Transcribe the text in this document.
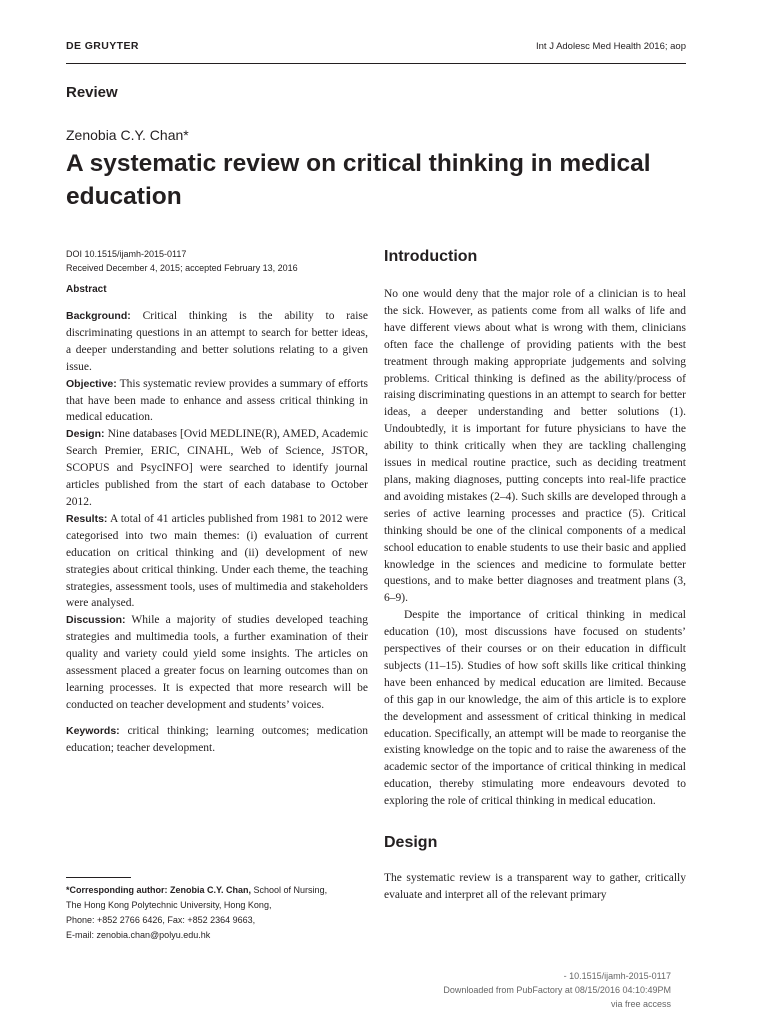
DE GRUYTER	Int J Adolesc Med Health 2016; aop
Review
Zenobia C.Y. Chan*
A systematic review on critical thinking in medical education
DOI 10.1515/ijamh-2015-0117
Received December 4, 2015; accepted February 13, 2016
Abstract

Background: Critical thinking is the ability to raise discriminating questions in an attempt to search for better ideas, a deeper understanding and better solutions relating to a given issue.

Objective: This systematic review provides a summary of efforts that have been made to enhance and assess critical thinking in medical education.

Design: Nine databases [Ovid MEDLINE(R), AMED, Academic Search Premier, ERIC, CINAHL, Web of Science, JSTOR, SCOPUS and PsycINFO] were searched to identify journal articles published from the start of each database to October 2012.

Results: A total of 41 articles published from 1981 to 2012 were categorised into two main themes: (i) evaluation of current education on critical thinking and (ii) development of new strategies about critical thinking. Under each theme, the teaching strategies, assessment tools, uses of multimedia and stakeholders were analysed.

Discussion: While a majority of studies developed teaching strategies and multimedia tools, a further examination of their quality and variety could yield some insights. The articles on assessment placed a greater focus on learning outcomes than on learning processes. It is expected that more research will be conducted on teacher development and students’ voices.

Keywords: critical thinking; learning outcomes; medication education; teacher development.

*Corresponding author: Zenobia C.Y. Chan, School of Nursing,
The Hong Kong Polytechnic University, Hong Kong,
Phone: +852 2766 6426, Fax: +852 2364 9663,
E-mail: zenobia.chan@polyu.edu.hk
Introduction

No one would deny that the major role of a clinician is to heal the sick. However, as patients come from all walks of life and have different views about what is wrong with them, clinicians often face the challenge of providing patients with the best treatment through making appropriate judgements and solving problems. Critical thinking is defined as the ability/process of raising discriminating questions in an attempt to search for better ideas, a deeper understanding and better solutions (1). Undoubtedly, it is important for future physicians to have the ability to think critically when they are tackling challenging issues in medical routine practice, such as deciding treatment plans, making diagnoses, putting concepts into real-life practice and avoiding mistakes (2–4). Such skills are developed through a series of active learning processes and practice (5). Critical thinking should be one of the clinical components of a medical school education to enable students to use their basic and applied knowledge in the sciences and medicine to formulate better questions, and to make better diagnoses and treatment plans (3, 6–9).

Despite the importance of critical thinking in medical education (10), most discussions have focused on students’ perspectives of their courses or on their education in difficult subjects (11–15). Studies of how soft skills like critical thinking have been enhanced by medical education are limited. Because of this gap in our knowledge, the aim of this article is to explore the development and assessment of critical thinking in medical education. Specifically, an attempt will be made to reorganise the existing knowledge on the topic and to raise the awareness of the academic sector of the importance of critical thinking in medical education, thereby stimulating more endeavours devoted to exploring the role of critical thinking in medical education.

Design

The systematic review is a transparent way to gather, critically evaluate and interpret all of the relevant primary

- 10.1515/ijamh-2015-0117
Downloaded from PubFactory at 08/15/2016 04:10:49PM
via free access
